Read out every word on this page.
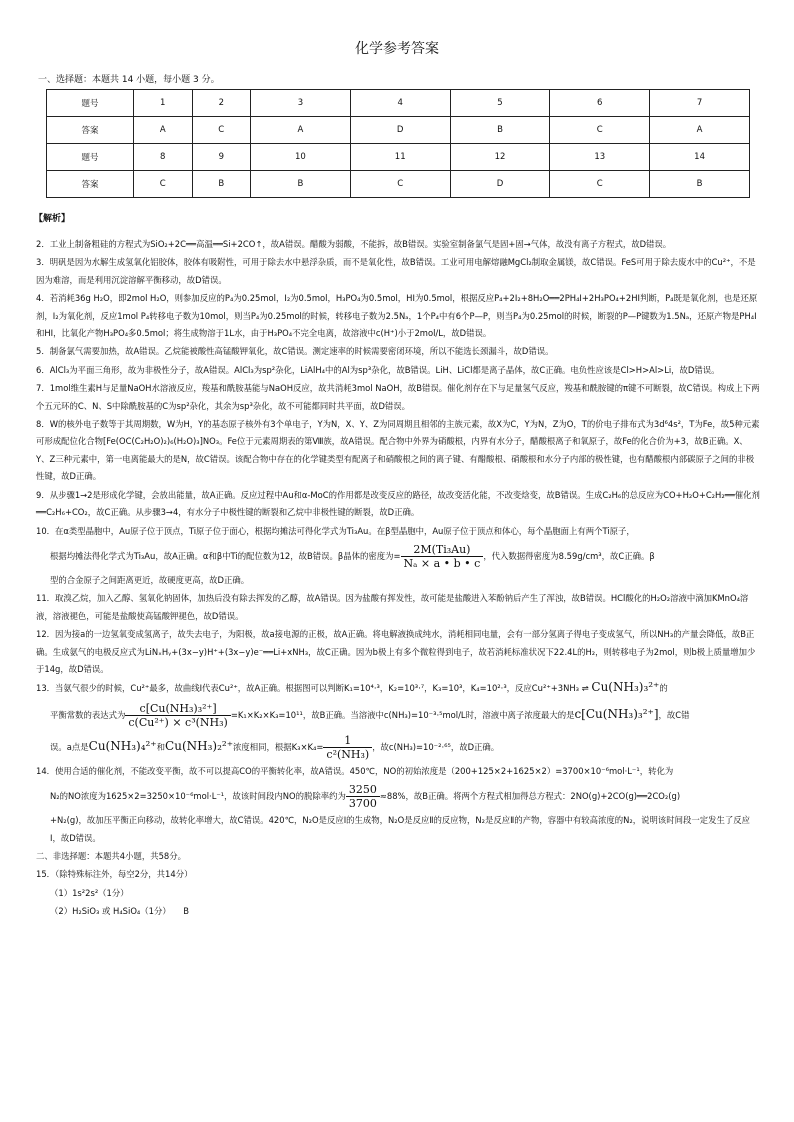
化学参考答案
一、选择题：本题共 14 小题，每小题 3 分。
题号	1	2	3	4	5	6	7
答案	A	C	A	D	B	C	A
题号	8	9	10	11	12	13	14
答案	C	B	B	C	D	C	B
【解析】

2．工业上制备粗硅的方程式为SiO₂+2C══高温══Si+2CO↑，故A错误。醋酸为弱酸，不能拆，故B错误。实验室制备氯气是固+固→气体，故没有离子方程式，故D错误。

3．明矾是因为水解生成氢氧化铝胶体，胶体有吸附性，可用于除去水中悬浮杂质，而不是氧化性，故B错误。工业可用电解熔融MgCl₂制取金属镁，故C错误。FeS可用于除去废水中的Cu²⁺，不是因为难溶，而是利用沉淀溶解平衡移动，故D错误。

4．若消耗36g H₂O，即2mol H₂O，则参加反应的P₄为0.25mol，I₂为0.5mol，H₃PO₄为0.5mol，HI为0.5mol，根据反应P₄+2I₂+8H₂O══2PH₄I+2H₃PO₄+2HI判断，P₄既是氧化剂，也是还原剂，I₂为氧化剂，反应1mol P₄转移电子数为10mol，则当P₄为0.25mol的时候，转移电子数为2.5Nₐ，1个P₄中有6个P—P，则当P₄为0.25mol的时候，断裂的P—P键数为1.5Nₐ，还原产物是PH₄I和HI，比氧化产物H₃PO₄多0.5mol；将生成物溶于1L水，由于H₃PO₄不完全电离，故溶液中c(H⁺)小于2mol/L，故D错误。

5．制备氯气需要加热，故A错误。乙烷能被酸性高锰酸钾氧化，故C错误。测定速率的时候需要密闭环境，所以不能选长颈漏斗，故D错误。

6．AlCl₃为平面三角形，故为非极性分子，故A错误。AlCl₃为sp²杂化，LiAlH₄中的Al为sp³杂化，故B错误。LiH、LiCl都是离子晶体，故C正确。电负性应该是Cl>H>Al>Li，故D错误。

7．1mol维生素H与足量NaOH水溶液反应，羧基和酰胺基能与NaOH反应，故共消耗3mol NaOH，故B错误。催化剂存在下与足量氢气反应，羧基和酰胺键的π键不可断裂，故C错误。构成上下两个五元环的C、N、S中除酰胺基的C为sp²杂化，其余为sp³杂化，故不可能都同时共平面，故D错误。

8．W的核外电子数等于其周期数，W为H，Y的基态原子核外有3个单电子，Y为N，X、Y、Z为同周期且相邻的主族元素，故X为C，Y为N，Z为O，T的价电子排布式为3d⁶4s²，T为Fe，故5种元素可形成配位化合物[Fe(OC(C₂H₂O)₂)₆(H₂O)₃]NO₃。Fe位于元素周期表的第Ⅷ族，故A错误。配合物中外界为硝酸根，内界有水分子，醋酸根离子和氧原子，故Fe的化合价为+3，故B正确。X、Y、Z三种元素中，第一电离能最大的是N，故C错误。该配合物中存在的化学键类型有配离子和硝酸根之间的离子键、有醋酸根、硝酸根和水分子内部的极性键，也有醋酸根内部碳原子之间的非极性键，故D正确。

9．从步骤1→2是形成化学键，会放出能量，故A正确。反应过程中Au和α-MoC的作用都是改变反应的路径，故改变活化能，不改变焓变，故B错误。生成C₂H₆的总反应为CO+H₂O+C₂H₂══催化剂══C₂H₆+CO₂，故C正确。从步骤3→4，有水分子中极性键的断裂和乙烷中非极性键的断裂，故D正确。

10．在α类型晶胞中，Au原子位于顶点，Ti原子位于面心，根据均摊法可得化学式为Ti₃Au。在β型晶胞中，Au原子位于顶点和体心，每个晶胞面上有两个Ti原子，

根据均摊法得化学式为Ti₃Au，故A正确。α和β中Ti的配位数为12，故B错误。β晶体的密度为= $\frac{\text{2M(Ti₃Au)}}{\text{Nₐ × a • b • c}}$ ，代入数据得密度为8.59g/cm³，故C正确。β

型的合金原子之间距离更近，故硬度更高，故D正确。

11．取溴乙烷，加入乙醇、氢氧化钠固体，加热后没有除去挥发的乙醇，故A错误。因为盐酸有挥发性，故可能是盐酸进入苯酚钠后产生了浑浊，故B错误。HCl酸化的H₂O₂溶液中滴加KMnO₄溶液，溶液褪色，可能是盐酸使高锰酸钾褪色，故D错误。

12．因为接a的一边氢氧变成氢离子，故失去电子，为阳极，故a接电源的正极，故A正确。将电解液换成纯水，消耗相同电量，会有一部分氢离子得电子变成氢气，所以NH₃的产量会降低，故B正确。生成氨气的电极反应式为LiNₓHᵧ+(3x−y)H⁺+(3x−y)e⁻══Li+xNH₃，故C正确。因为b极上有多个微粒得到电子，故若消耗标准状况下22.4L的H₂，则转移电子为2mol，则b极上质量增加少于14g，故D错误。

13．当氨气很少的时候，Cu²⁺最多，故曲线Ⅰ代表Cu²⁺，故A正确。根据图可以判断K₁=10⁴·³，K₂=10³·⁷，K₃=10³，K₄=10²·³，反应Cu²⁺+3NH₃ ⇌ Cu(NH₃)₃²⁺的

平衡常数的表达式为 $\frac{\text{c[Cu(NH₃)₃²⁺]}}{\text{c(Cu²⁺) × c³(NH₃)}} =K_1\times K_2\times K_3=10^{11}$，故B正确。当溶液中c(NH₃)=10⁻³·⁵mol/L时，溶液中离子浓度最大的是c[Cu(NH₃)₃²⁺]，故C错

误。a点是Cu(NH₃)₄²⁺和Cu(NH₃)₂²⁺浓度相同，根据$K_3\times K_4= \frac{1}{\text{c²(NH₃)}}$ ，故c(NH₃)=10⁻²·⁶⁵，故D正确。

14．使用合适的催化剂，不能改变平衡，故不可以提高CO的平衡转化率，故A错误。450℃，NO的初始浓度是（200+125×2+1625×2）=3700×10⁻⁶mol·L⁻¹，转化为

N₂的NO浓度为1625×2=3250×10⁻⁶mol·L⁻¹，故该时间段内NO的脱除率约为 $\frac{3250}{3700} \approx 88\%$，故B正确。将两个方程式相加得总方程式：2NO(g)+2CO(g)══2CO₂(g)

+N₂(g)，故加压平衡正向移动，故转化率增大，故C错误。420℃，N₂O是反应Ⅰ的生成物，N₂O是反应Ⅱ的反应物，N₂是反应Ⅱ的产物，容器中有较高浓度的N₂，说明该时间段一定发生了反应Ⅰ，故D错误。

二、非选择题：本题共4小题，共58分。

15．（除特殊标注外，每空2分，共14分）

（1）1s²2s²（1分）

（2）H₂SiO₃ 或 H₄SiO₄（1分）　　B
